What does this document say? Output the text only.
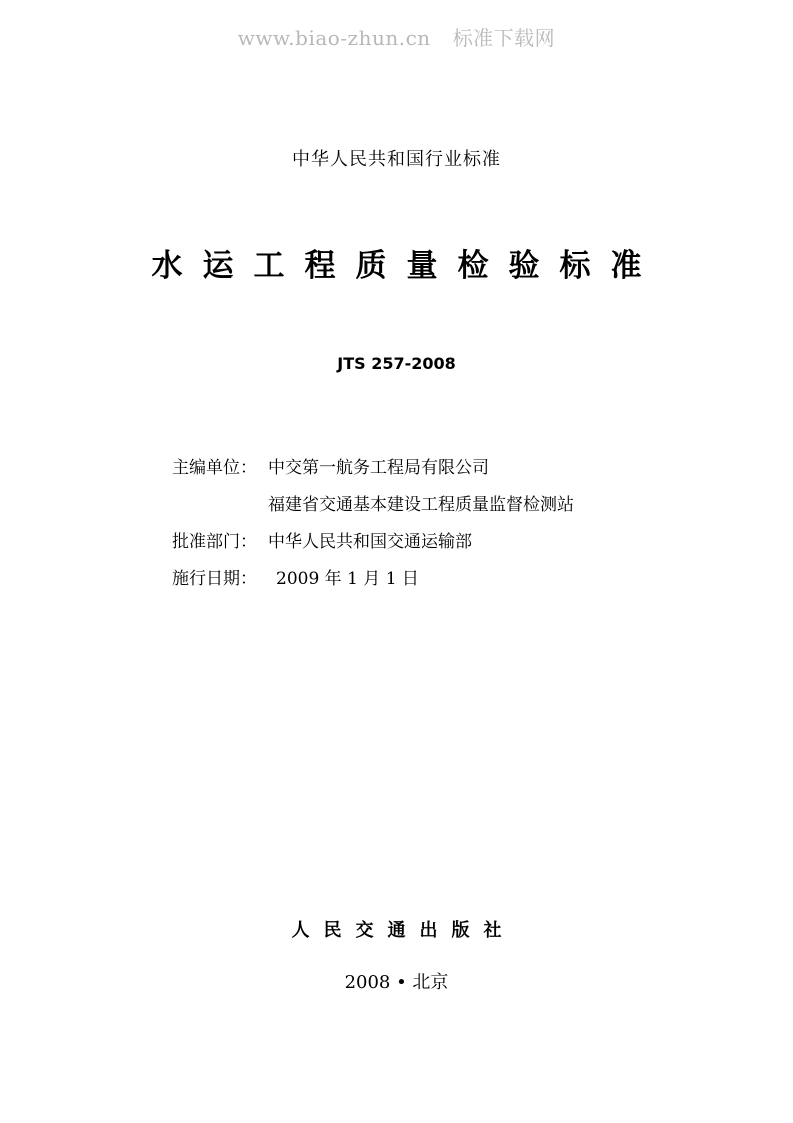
www.biao-zhun.cn 标准下载网
中华人民共和国行业标准
水运工程质量检验标准
JTS 257-2008
主编单位： 中交第一航务工程局有限公司
福建省交通基本建设工程质量监督检测站
批准部门： 中华人民共和国交通运输部
施行日期：	2009 年 1 月 1 日
人民交通出版社
2008 • 北京
